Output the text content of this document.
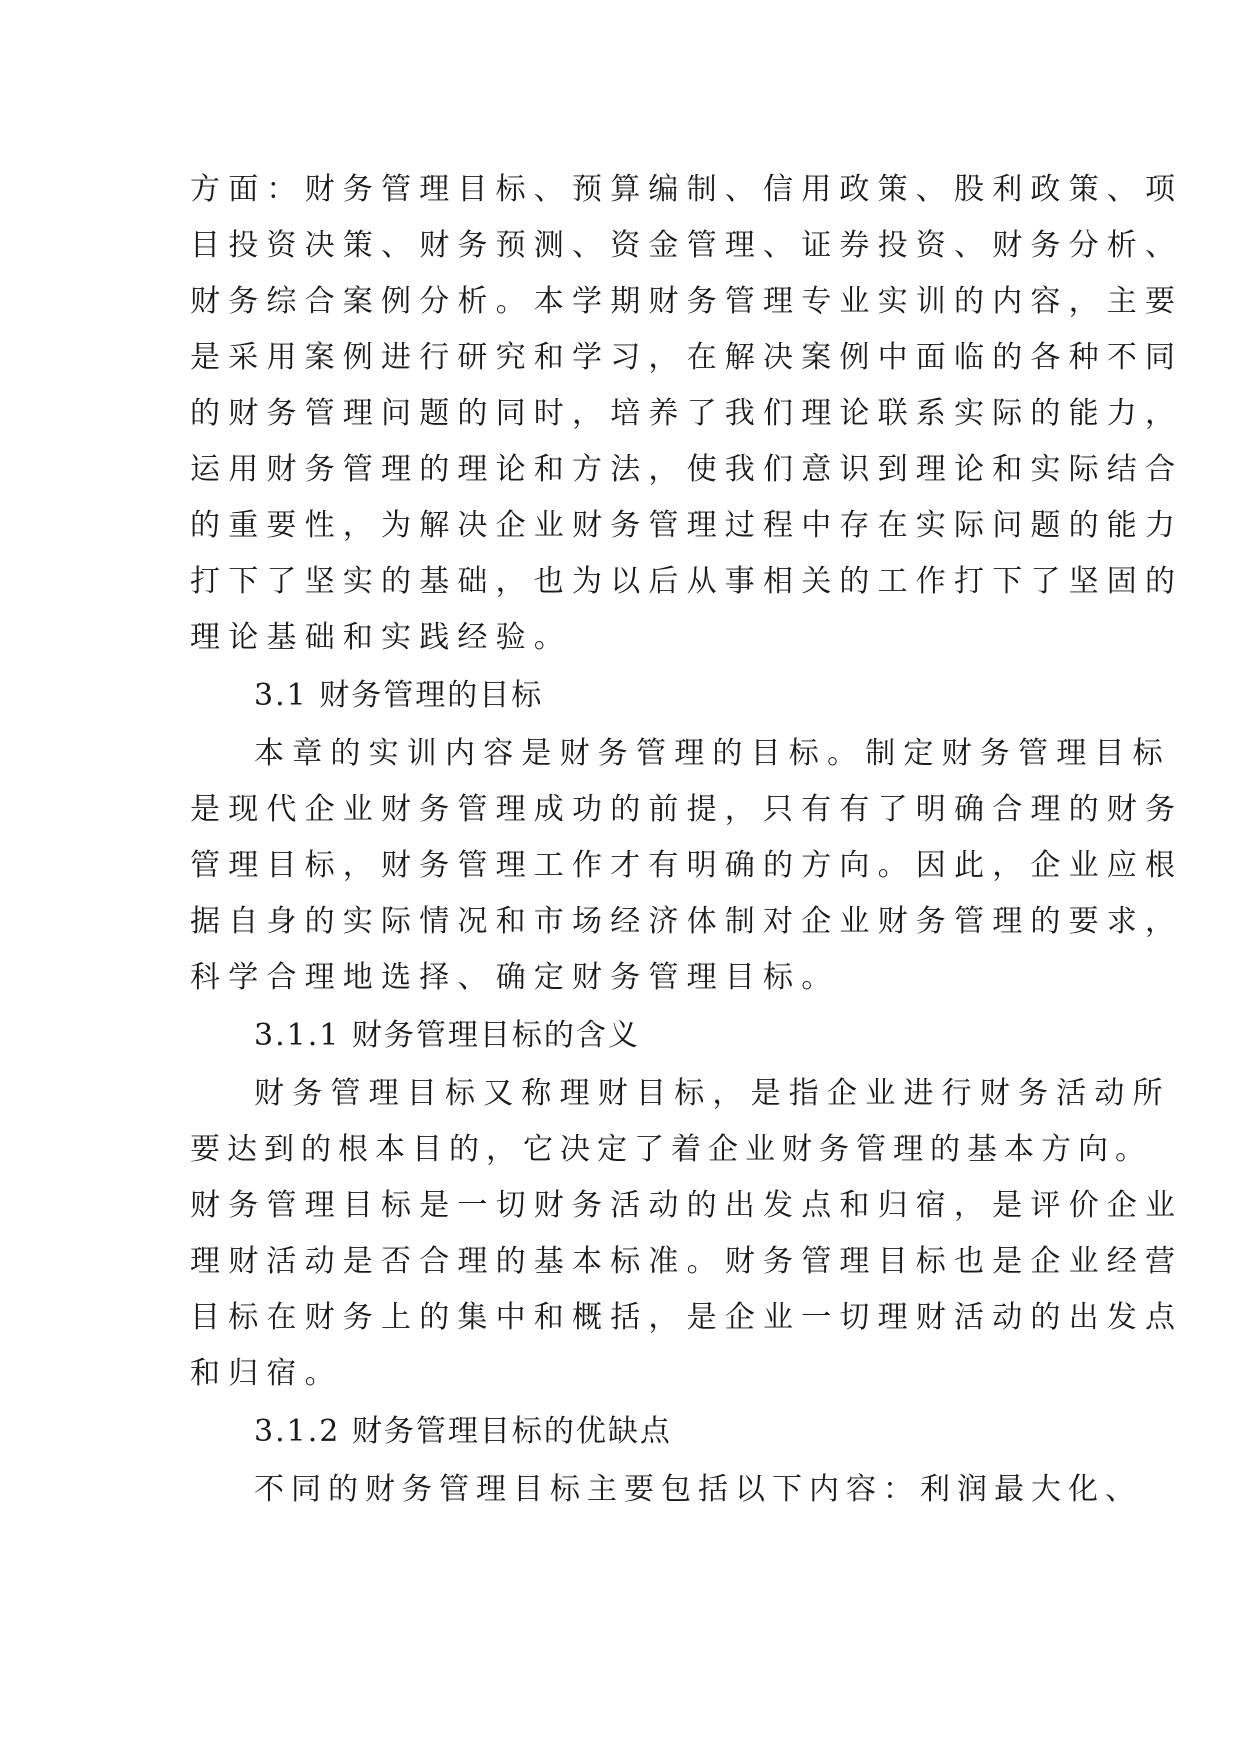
方面：财务管理目标、预算编制、信用政策、股利政策、项

目投资决策、财务预测、资金管理、证券投资、财务分析、

财务综合案例分析。本学期财务管理专业实训的内容，主要

是采用案例进行研究和学习，在解决案例中面临的各种不同

的财务管理问题的同时，培养了我们理论联系实际的能力，

运用财务管理的理论和方法，使我们意识到理论和实际结合

的重要性，为解决企业财务管理过程中存在实际问题的能力

打下了坚实的基础，也为以后从事相关的工作打下了坚固的

理论基础和实践经验。

3.1 财务管理的目标

本章的实训内容是财务管理的目标。制定财务管理目标

是现代企业财务管理成功的前提，只有有了明确合理的财务

管理目标，财务管理工作才有明确的方向。因此，企业应根

据自身的实际情况和市场经济体制对企业财务管理的要求，

科学合理地选择、确定财务管理目标。

3.1.1 财务管理目标的含义

财务管理目标又称理财目标，是指企业进行财务活动所

要达到的根本目的，它决定了着企业财务管理的基本方向。

财务管理目标是一切财务活动的出发点和归宿，是评价企业

理财活动是否合理的基本标准。财务管理目标也是企业经营

目标在财务上的集中和概括，是企业一切理财活动的出发点

和归宿。

3.1.2 财务管理目标的优缺点

不同的财务管理目标主要包括以下内容：利润最大化、
